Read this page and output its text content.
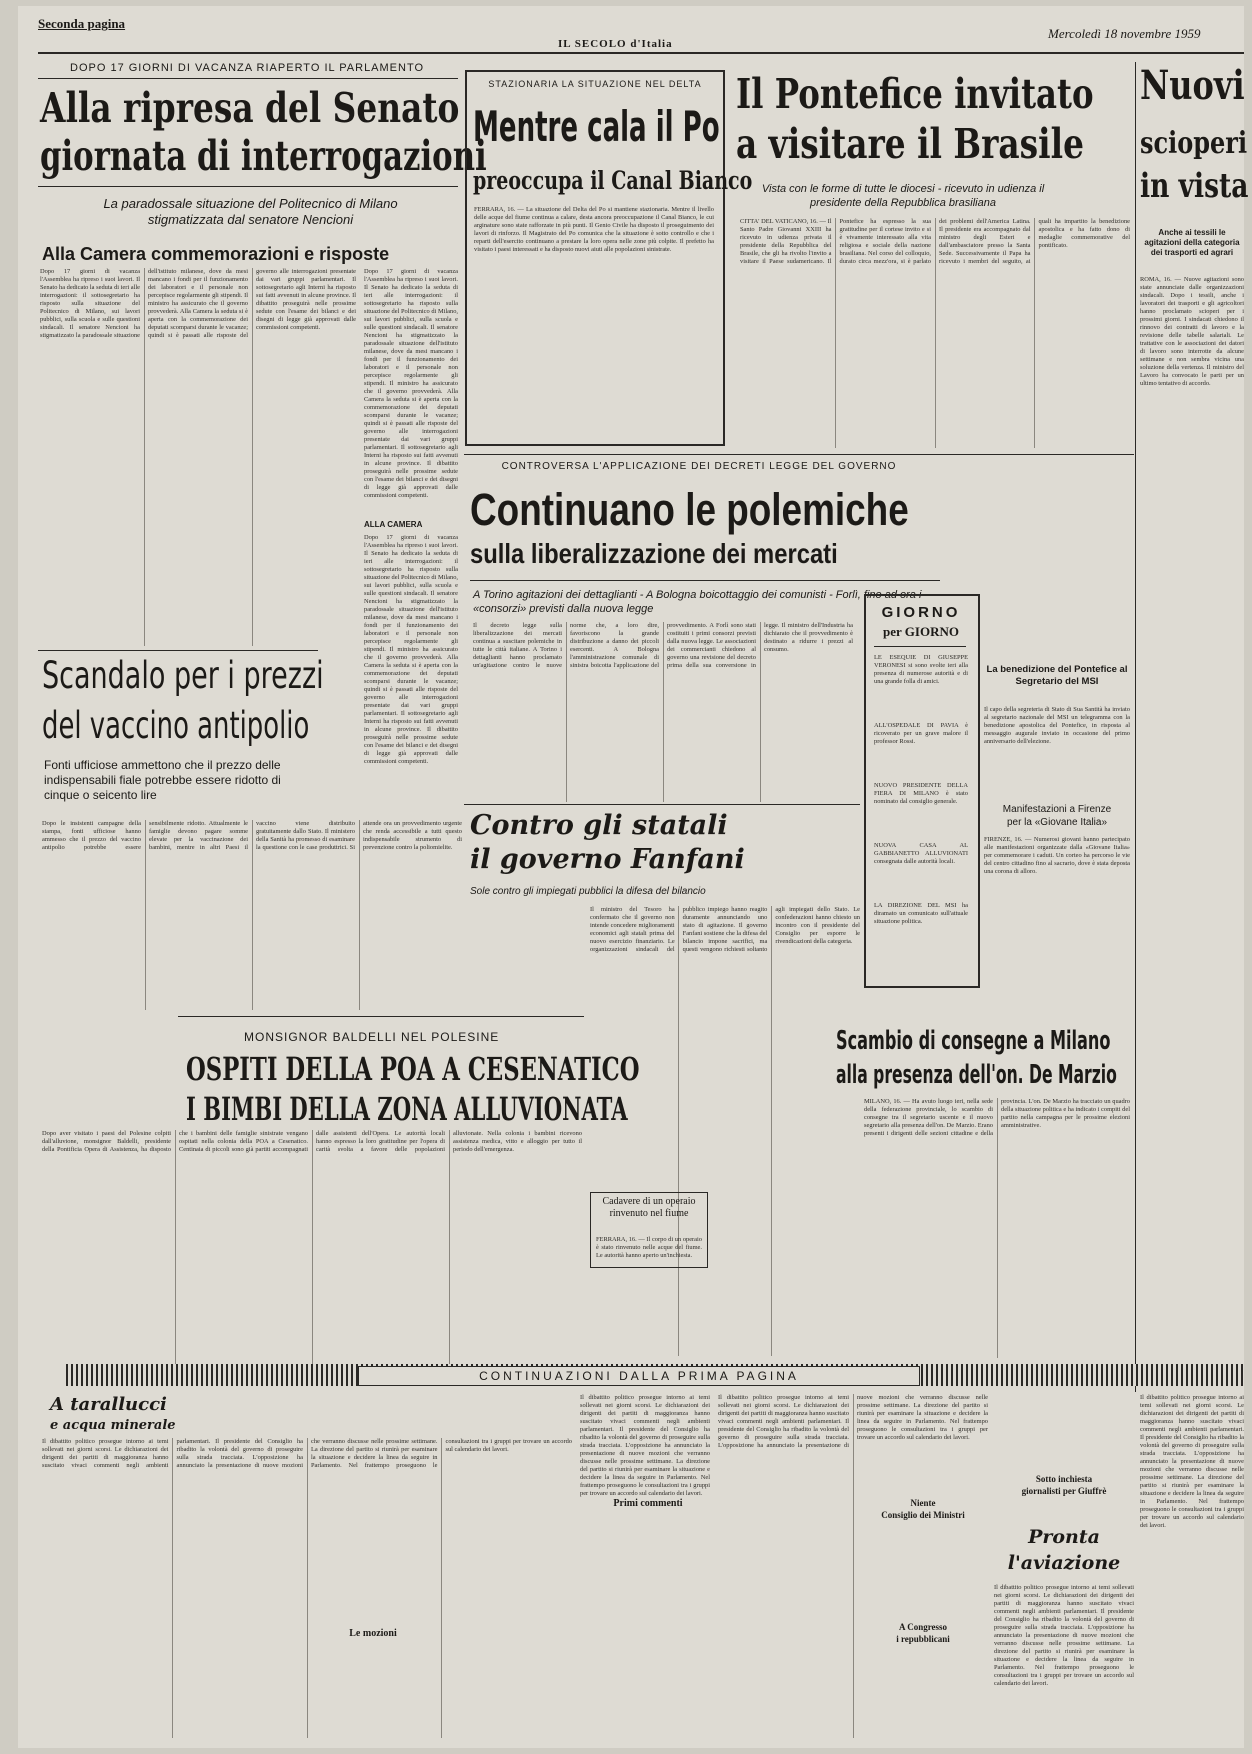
Seconda pagina
IL SECOLO d'Italia
Mercoledì 18 novembre 1959
DOPO 17 GIORNI DI VACANZA RIAPERTO IL PARLAMENTO
Alla ripresa del Senato
giornata di interrogazioni
La paradossale situazione del Politecnico di Milano stigmatizzata dal senatore Nencioni
Alla Camera commemorazioni e risposte
Dopo 17 giorni di vacanza l'Assemblea ha ripreso i suoi lavori. Il Senato ha dedicato la seduta di ieri alle interrogazioni: il sottosegretario ha risposto sulla situazione del Politecnico di Milano, sui lavori pubblici, sulla scuola e sulle questioni sindacali. Il senatore Nencioni ha stigmatizzato la paradossale situazione dell'istituto milanese, dove da mesi mancano i fondi per il funzionamento dei laboratori e il personale non percepisce regolarmente gli stipendi. Il ministro ha assicurato che il governo provvederà. Alla Camera la seduta si è aperta con la commemorazione dei deputati scomparsi durante le vacanze; quindi si è passati alle risposte del governo alle interrogazioni presentate dai vari gruppi parlamentari. Il sottosegretario agli Interni ha risposto sui fatti avvenuti in alcune province. Il dibattito proseguirà nelle prossime sedute con l'esame dei bilanci e dei disegni di legge già approvati dalle commissioni competenti.
Dopo 17 giorni di vacanza l'Assemblea ha ripreso i suoi lavori. Il Senato ha dedicato la seduta di ieri alle interrogazioni: il sottosegretario ha risposto sulla situazione del Politecnico di Milano, sui lavori pubblici, sulla scuola e sulle questioni sindacali. Il senatore Nencioni ha stigmatizzato la paradossale situazione dell'istituto milanese, dove da mesi mancano i fondi per il funzionamento dei laboratori e il personale non percepisce regolarmente gli stipendi. Il ministro ha assicurato che il governo provvederà. Alla Camera la seduta si è aperta con la commemorazione dei deputati scomparsi durante le vacanze; quindi si è passati alle risposte del governo alle interrogazioni presentate dai vari gruppi parlamentari. Il sottosegretario agli Interni ha risposto sui fatti avvenuti in alcune province. Il dibattito proseguirà nelle prossime sedute con l'esame dei bilanci e dei disegni di legge già approvati dalle commissioni competenti.
ALLA CAMERA
Dopo 17 giorni di vacanza l'Assemblea ha ripreso i suoi lavori. Il Senato ha dedicato la seduta di ieri alle interrogazioni: il sottosegretario ha risposto sulla situazione del Politecnico di Milano, sui lavori pubblici, sulla scuola e sulle questioni sindacali. Il senatore Nencioni ha stigmatizzato la paradossale situazione dell'istituto milanese, dove da mesi mancano i fondi per il funzionamento dei laboratori e il personale non percepisce regolarmente gli stipendi. Il ministro ha assicurato che il governo provvederà. Alla Camera la seduta si è aperta con la commemorazione dei deputati scomparsi durante le vacanze; quindi si è passati alle risposte del governo alle interrogazioni presentate dai vari gruppi parlamentari. Il sottosegretario agli Interni ha risposto sui fatti avvenuti in alcune province. Il dibattito proseguirà nelle prossime sedute con l'esame dei bilanci e dei disegni di legge già approvati dalle commissioni competenti.
STAZIONARIA LA SITUAZIONE NEL DELTA
Mentre cala il Po
preoccupa il Canal Bianco
FERRARA, 16. — La situazione del Delta del Po si mantiene stazionaria. Mentre il livello delle acque del fiume continua a calare, desta ancora preoccupazione il Canal Bianco, le cui arginature sono state rafforzate in più punti. Il Genio Civile ha disposto il proseguimento dei lavori di rinforzo. Il Magistrato del Po comunica che la situazione è sotto controllo e che i reparti dell'esercito continuano a prestare la loro opera nelle zone più colpite. Il prefetto ha visitato i paesi interessati e ha disposto nuovi aiuti alle popolazioni sinistrate.
Il Pontefice invitato
a visitare il Brasile
Vista con le forme di tutte le diocesi - ricevuto in udienza il presidente della Repubblica brasiliana
CITTA' DEL VATICANO, 16. — Il Santo Padre Giovanni XXIII ha ricevuto in udienza privata il presidente della Repubblica del Brasile, che gli ha rivolto l'invito a visitare il Paese sudamericano. Il Pontefice ha espresso la sua gratitudine per il cortese invito e si è vivamente interessato alla vita religiosa e sociale della nazione brasiliana. Nel corso del colloquio, durato circa mezz'ora, si è parlato dei problemi dell'America Latina. Il presidente era accompagnato dal ministro degli Esteri e dall'ambasciatore presso la Santa Sede. Successivamente il Papa ha ricevuto i membri del seguito, ai quali ha impartito la benedizione apostolica e ha fatto dono di medaglie commemorative del pontificato.
Nuovi
scioperi
in vista
Anche ai tessili le agitazioni della categoria dei trasporti ed agrari
ROMA, 16. — Nuove agitazioni sono state annunciate dalle organizzazioni sindacali. Dopo i tessili, anche i lavoratori dei trasporti e gli agricoltori hanno proclamato scioperi per i prossimi giorni. I sindacati chiedono il rinnovo dei contratti di lavoro e la revisione delle tabelle salariali. Le trattative con le associazioni dei datori di lavoro sono interrotte da alcune settimane e non sembra vicina una soluzione della vertenza. Il ministro del Lavoro ha convocato le parti per un ultimo tentativo di accordo.
CONTROVERSA L'APPLICAZIONE DEI DECRETI LEGGE DEL GOVERNO
Continuano le polemiche
sulla liberalizzazione dei mercati
A Torino agitazioni dei dettaglianti - A Bologna boicottaggio dei comunisti - Forlì, fino ad ora i «consorzi» previsti dalla nuova legge
Il decreto legge sulla liberalizzazione dei mercati continua a suscitare polemiche in tutte le città italiane. A Torino i dettaglianti hanno proclamato un'agitazione contro le nuove norme che, a loro dire, favoriscono la grande distribuzione a danno dei piccoli esercenti. A Bologna l'amministrazione comunale di sinistra boicotta l'applicazione del provvedimento. A Forlì sono stati costituiti i primi consorzi previsti dalla nuova legge. Le associazioni dei commercianti chiedono al governo una revisione del decreto prima della sua conversione in legge. Il ministro dell'Industria ha dichiarato che il provvedimento è destinato a ridurre i prezzi al consumo.
GIORNO
per GIORNO
LE ESEQUIE DI GIUSEPPE VERONESI si sono svolte ieri alla presenza di numerose autorità e di una grande folla di amici.
ALL'OSPEDALE DI PAVIA è ricoverato per un grave malore il professor Rossi.
NUOVO PRESIDENTE DELLA FIERA DI MILANO è stato nominato dal consiglio generale.
NUOVA CASA AL GABBIANETTO ALLUVIONATI consegnata dalle autorità locali.
LA DIREZIONE DEL MSI ha diramato un comunicato sull'attuale situazione politica.
La benedizione del Pontefice al Segretario del MSI
Il capo della segreteria di Stato di Sua Santità ha inviato al segretario nazionale del MSI un telegramma con la benedizione apostolica del Pontefice, in risposta al messaggio augurale inviato in occasione del primo anniversario dell'elezione.
Manifestazioni a Firenze
per la «Giovane Italia»
FIRENZE, 16. — Numerosi giovani hanno partecipato alle manifestazioni organizzate dalla «Giovane Italia» per commemorare i caduti. Un corteo ha percorso le vie del centro cittadino fino al sacrario, dove è stata deposta una corona di alloro.
Scandalo per i prezzi
del vaccino antipolio
Fonti ufficiose ammettono che il prezzo delle indispensabili fiale potrebbe essere ridotto di cinque o seicento lire
Dopo le insistenti campagne della stampa, fonti ufficiose hanno ammesso che il prezzo del vaccino antipolio potrebbe essere sensibilmente ridotto. Attualmente le famiglie devono pagare somme elevate per la vaccinazione dei bambini, mentre in altri Paesi il vaccino viene distribuito gratuitamente dallo Stato. Il ministero della Sanità ha promesso di esaminare la questione con le case produttrici. Si attende ora un provvedimento urgente che renda accessibile a tutti questo indispensabile strumento di prevenzione contro la poliomielite.
Contro gli statali
il governo Fanfani
Sole contro gli impiegati pubblici la difesa del bilancio
Il ministro del Tesoro ha confermato che il governo non intende concedere miglioramenti economici agli statali prima del nuovo esercizio finanziario. Le organizzazioni sindacali del pubblico impiego hanno reagito duramente annunciando uno stato di agitazione. Il governo Fanfani sostiene che la difesa del bilancio impone sacrifici, ma questi vengono richiesti soltanto agli impiegati dello Stato. Le confederazioni hanno chiesto un incontro con il presidente del Consiglio per esporre le rivendicazioni della categoria.
Cadavere di un operaio rinvenuto nel fiume
FERRARA, 16. — Il corpo di un operaio è stato rinvenuto nelle acque del fiume. Le autorità hanno aperto un'inchiesta.
MONSIGNOR BALDELLI NEL POLESINE
OSPITI DELLA POA A CESENATICO
I BIMBI DELLA ZONA ALLUVIONATA
Dopo aver visitato i paesi del Polesine colpiti dall'alluvione, monsignor Baldelli, presidente della Pontificia Opera di Assistenza, ha disposto che i bambini delle famiglie sinistrate vengano ospitati nella colonia della POA a Cesenatico. Centinaia di piccoli sono già partiti accompagnati dalle assistenti dell'Opera. Le autorità locali hanno espresso la loro gratitudine per l'opera di carità svolta a favore delle popolazioni alluvionate. Nella colonia i bambini ricevono assistenza medica, vitto e alloggio per tutto il periodo dell'emergenza.
Scambio di consegne a Milano
alla presenza dell'on. De Marzio
MILANO, 16. — Ha avuto luogo ieri, nella sede della federazione provinciale, lo scambio di consegne tra il segretario uscente e il nuovo segretario alla presenza dell'on. De Marzio. Erano presenti i dirigenti delle sezioni cittadine e della provincia. L'on. De Marzio ha tracciato un quadro della situazione politica e ha indicato i compiti del partito nella campagna per le prossime elezioni amministrative.
CONTINUAZIONI DALLA PRIMA PAGINA
A tarallucci
e acqua minerale
Il dibattito politico prosegue intorno ai temi sollevati nei giorni scorsi. Le dichiarazioni dei dirigenti dei partiti di maggioranza hanno suscitato vivaci commenti negli ambienti parlamentari. Il presidente del Consiglio ha ribadito la volontà del governo di proseguire sulla strada tracciata. L'opposizione ha annunciato la presentazione di nuove mozioni che verranno discusse nelle prossime settimane. La direzione del partito si riunirà per esaminare la situazione e decidere la linea da seguire in Parlamento. Nel frattempo proseguono le consultazioni tra i gruppi per trovare un accordo sul calendario dei lavori.
Le mozioni
Il dibattito politico prosegue intorno ai temi sollevati nei giorni scorsi. Le dichiarazioni dei dirigenti dei partiti di maggioranza hanno suscitato vivaci commenti negli ambienti parlamentari. Il presidente del Consiglio ha ribadito la volontà del governo di proseguire sulla strada tracciata. L'opposizione ha annunciato la presentazione di nuove mozioni che verranno discusse nelle prossime settimane. La direzione del partito si riunirà per esaminare la situazione e decidere la linea da seguire in Parlamento. Nel frattempo proseguono le consultazioni tra i gruppi per trovare un accordo sul calendario dei lavori.
Primi commenti
Il dibattito politico prosegue intorno ai temi sollevati nei giorni scorsi. Le dichiarazioni dei dirigenti dei partiti di maggioranza hanno suscitato vivaci commenti negli ambienti parlamentari. Il presidente del Consiglio ha ribadito la volontà del governo di proseguire sulla strada tracciata. L'opposizione ha annunciato la presentazione di nuove mozioni che verranno discusse nelle prossime settimane. La direzione del partito si riunirà per esaminare la situazione e decidere la linea da seguire in Parlamento. Nel frattempo proseguono le consultazioni tra i gruppi per trovare un accordo sul calendario dei lavori.
Niente
Consiglio dei Ministri
A Congresso
i repubblicani
Sotto inchiesta
giornalisti per Giuffrè
Pronta
l'aviazione
Il dibattito politico prosegue intorno ai temi sollevati nei giorni scorsi. Le dichiarazioni dei dirigenti dei partiti di maggioranza hanno suscitato vivaci commenti negli ambienti parlamentari. Il presidente del Consiglio ha ribadito la volontà del governo di proseguire sulla strada tracciata. L'opposizione ha annunciato la presentazione di nuove mozioni che verranno discusse nelle prossime settimane. La direzione del partito si riunirà per esaminare la situazione e decidere la linea da seguire in Parlamento. Nel frattempo proseguono le consultazioni tra i gruppi per trovare un accordo sul calendario dei lavori.
Il dibattito politico prosegue intorno ai temi sollevati nei giorni scorsi. Le dichiarazioni dei dirigenti dei partiti di maggioranza hanno suscitato vivaci commenti negli ambienti parlamentari. Il presidente del Consiglio ha ribadito la volontà del governo di proseguire sulla strada tracciata. L'opposizione ha annunciato la presentazione di nuove mozioni che verranno discusse nelle prossime settimane. La direzione del partito si riunirà per esaminare la situazione e decidere la linea da seguire in Parlamento. Nel frattempo proseguono le consultazioni tra i gruppi per trovare un accordo sul calendario dei lavori.
